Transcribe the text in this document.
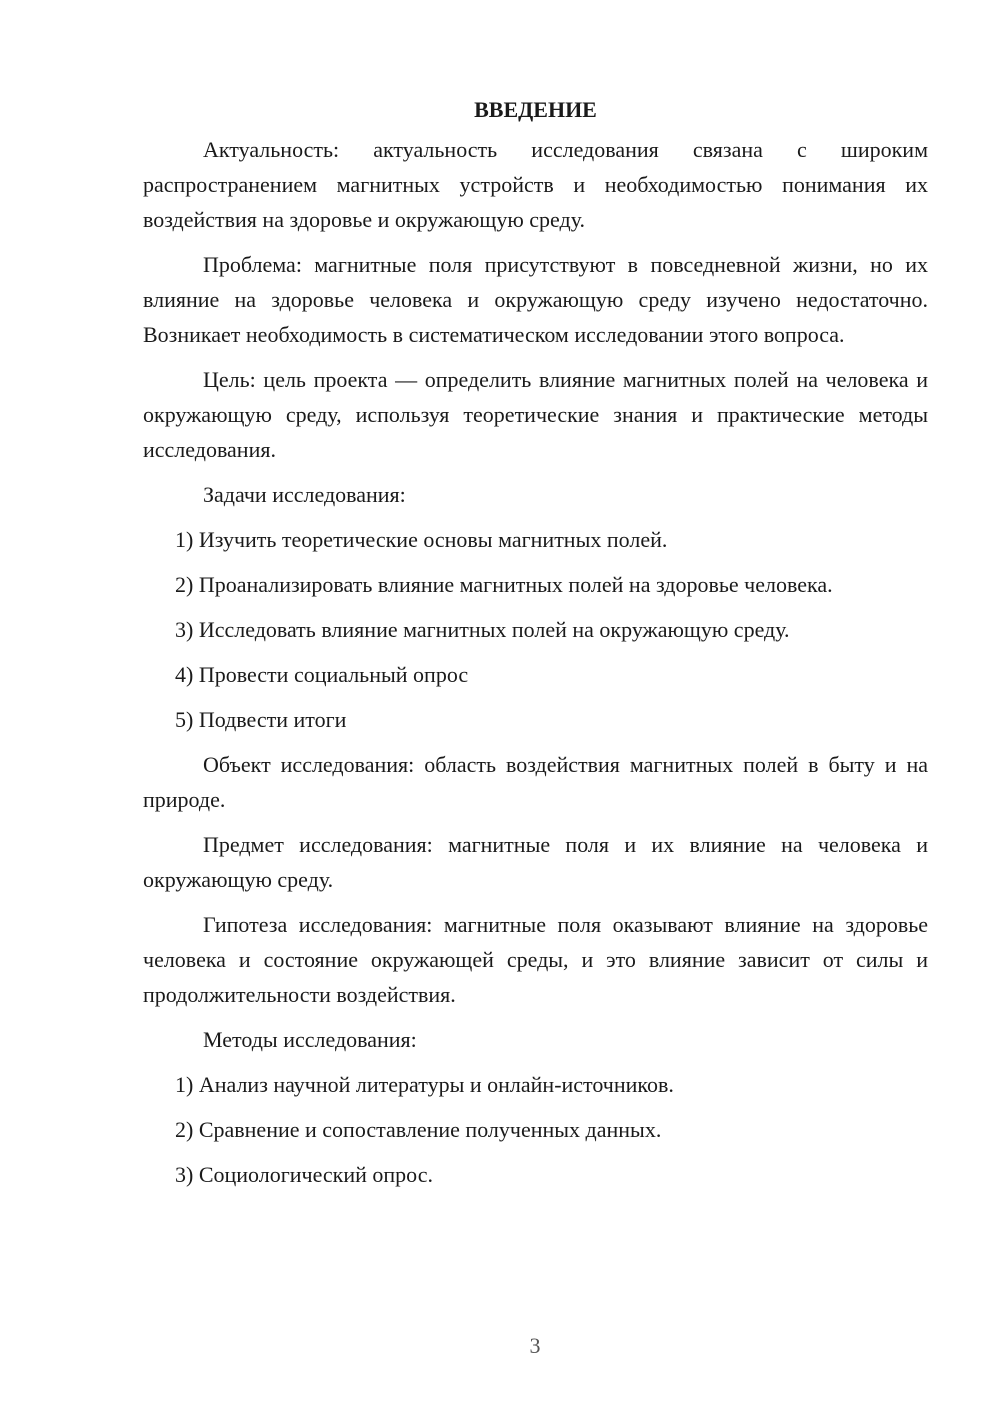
ВВЕДЕНИЕ

Актуальность: актуальность исследования связана с широким распространением магнитных устройств и необходимостью понимания их воздействия на здоровье и окружающую среду.

Проблема: магнитные поля присутствуют в повседневной жизни, но их влияние на здоровье человека и окружающую среду изучено недостаточно. Возникает необходимость в систематическом исследовании этого вопроса.

Цель: цель проекта — определить влияние магнитных полей на человека и окружающую среду, используя теоретические знания и практические методы исследования.

Задачи исследования:
1) Изучить теоретические основы магнитных полей.
2) Проанализировать влияние магнитных полей на здоровье человека.
3) Исследовать влияние магнитных полей на окружающую среду.
4) Провести социальный опрос
5) Подвести итоги

Объект исследования: область воздействия магнитных полей в быту и на природе.

Предмет исследования: магнитные поля и их влияние на человека и окружающую среду.

Гипотеза исследования: магнитные поля оказывают влияние на здоровье человека и состояние окружающей среды, и это влияние зависит от силы и продолжительности воздействия.

Методы исследования:
1) Анализ научной литературы и онлайн-источников.
2) Сравнение и сопоставление полученных данных.
3) Социологический опрос.
3
